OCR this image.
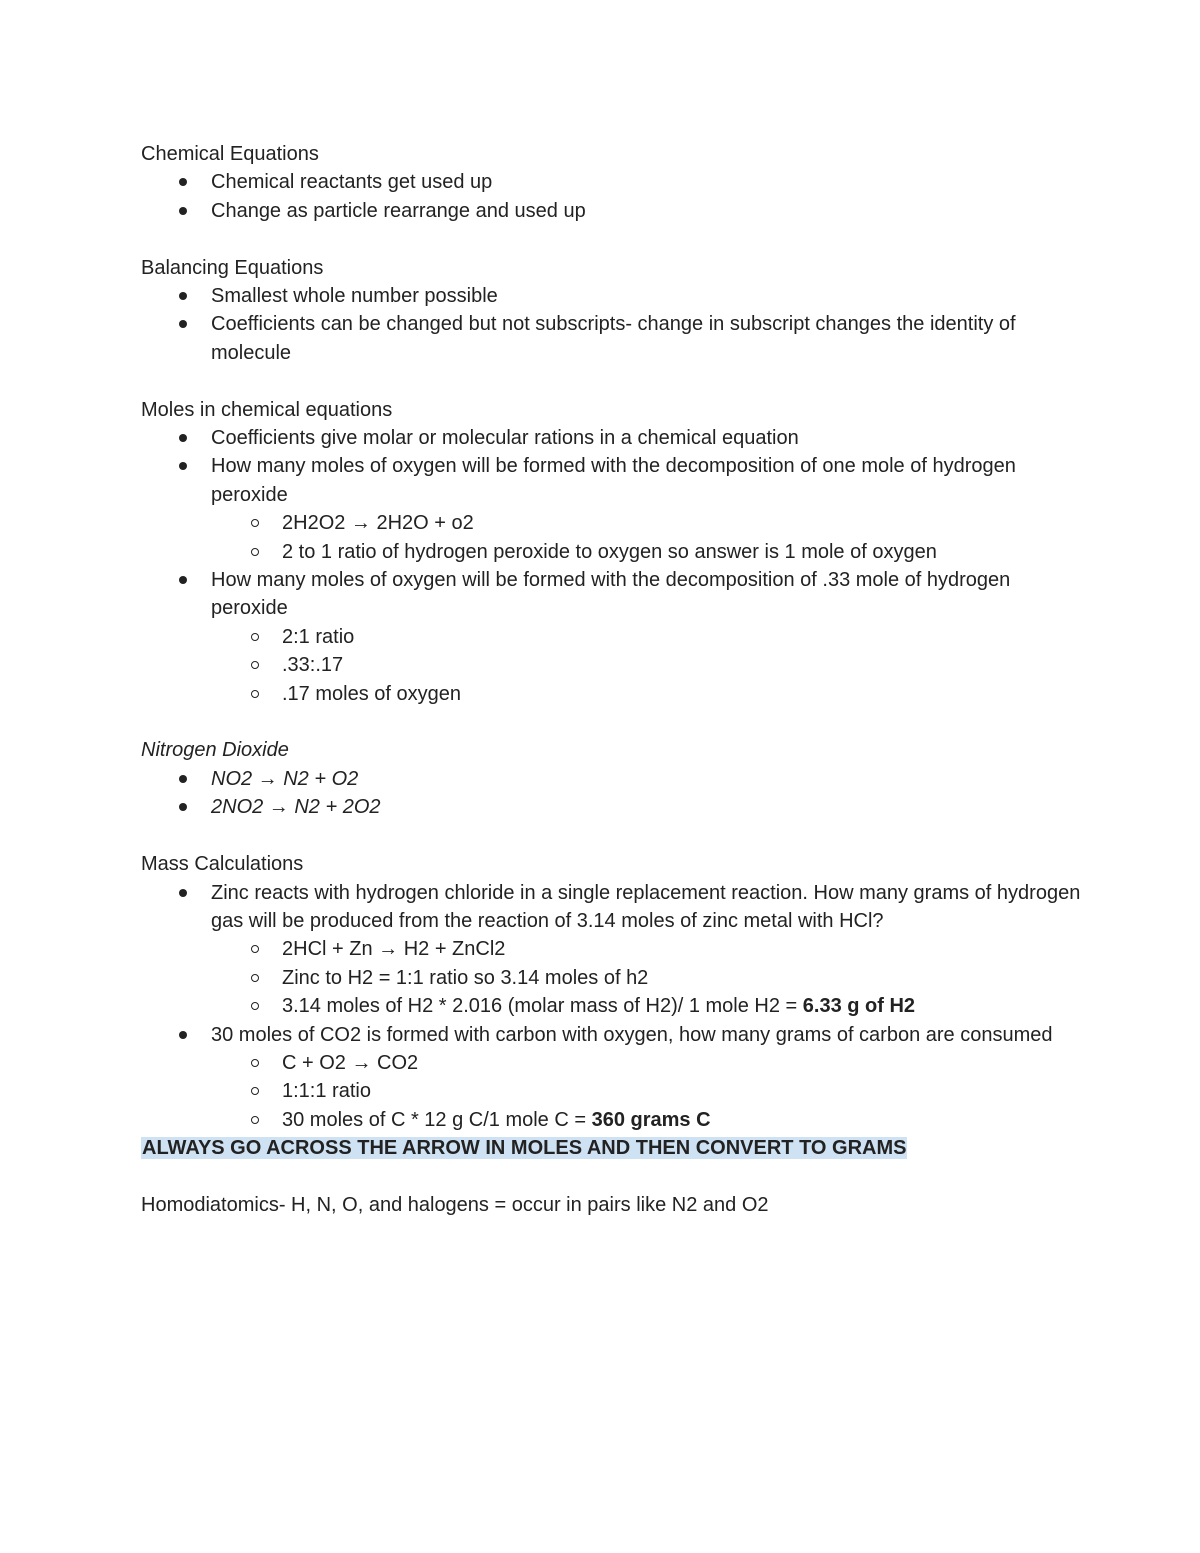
Chemical Equations
Chemical reactants get used up
Change as particle rearrange and used up
Balancing Equations
Smallest whole number possible
Coefficients can be changed but not subscripts- change in subscript changes the identity of molecule
Moles in chemical equations
Coefficients give molar or molecular rations in a chemical equation
How many moles of oxygen will be formed with the decomposition of one mole of hydrogen peroxide
2H2O2 → 2H2O + o2
2 to 1 ratio of hydrogen peroxide to oxygen so answer is 1 mole of oxygen
How many moles of oxygen will be formed with the decomposition of .33 mole of hydrogen peroxide
2:1 ratio
.33:.17
.17 moles of oxygen
Nitrogen Dioxide
NO2 → N2 + O2
2NO2 → N2 + 2O2
Mass Calculations
Zinc reacts with hydrogen chloride in a single replacement reaction. How many grams of hydrogen gas will be produced from the reaction of 3.14 moles of zinc metal with HCl?
2HCl + Zn → H2 + ZnCl2
Zinc to H2 = 1:1 ratio so 3.14 moles of h2
3.14 moles of H2 * 2.016 (molar mass of H2)/ 1 mole H2 = 6.33 g of H2
30 moles of CO2 is formed with carbon with oxygen, how many grams of carbon are consumed
C + O2 → CO2
1:1:1 ratio
30 moles of C * 12 g C/1 mole C = 360 grams C
ALWAYS GO ACROSS THE ARROW IN MOLES AND THEN CONVERT TO GRAMS
Homodiatomics- H, N, O, and halogens = occur in pairs like N2 and O2
